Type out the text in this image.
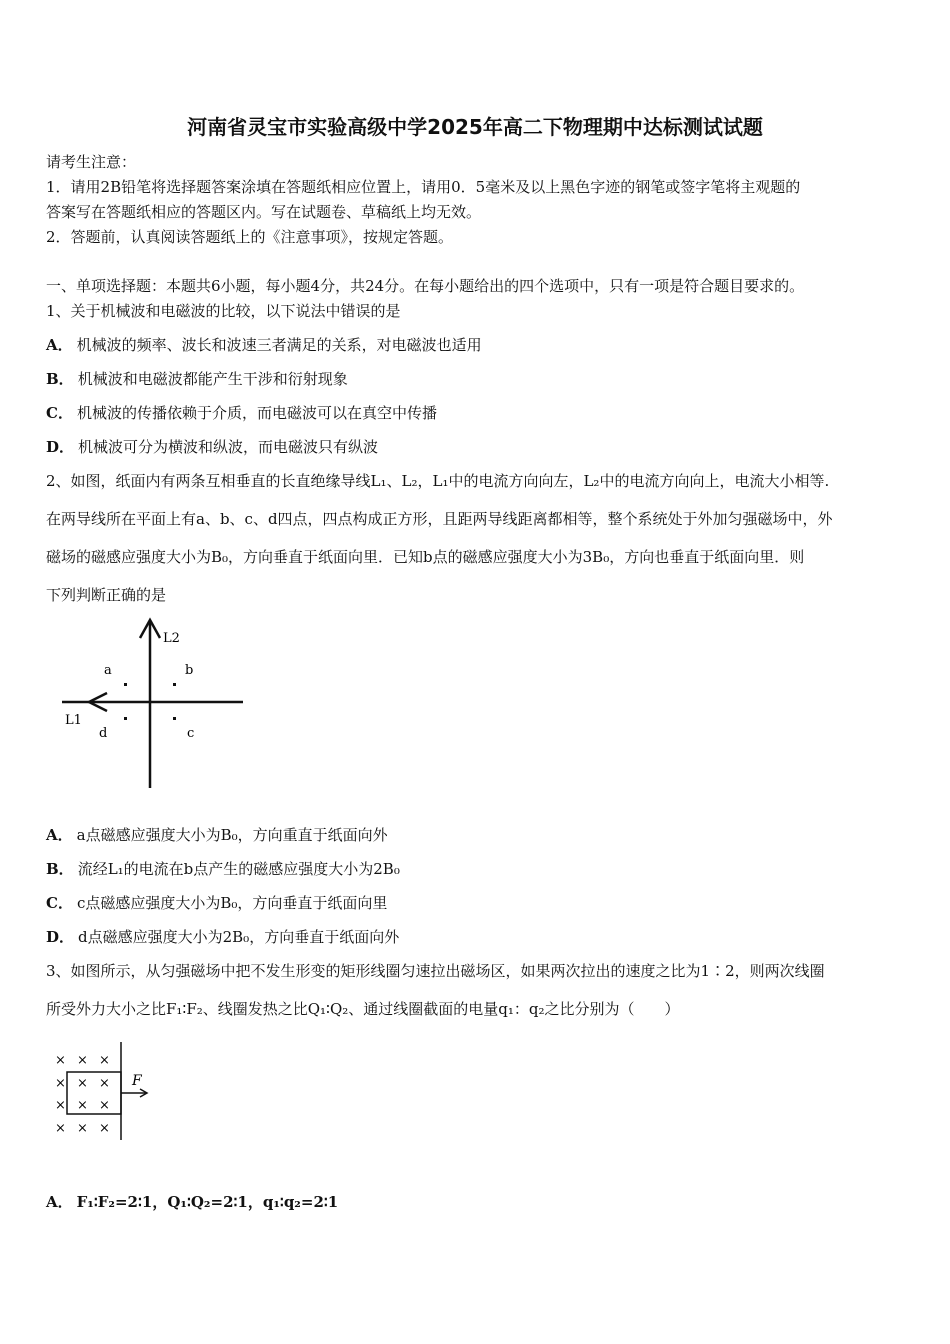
河南省灵宝市实验高级中学2025年高二下物理期中达标测试试题
请考生注意：
1．请用2B铅笔将选择题答案涂填在答题纸相应位置上，请用0．5毫米及以上黑色字迹的钢笔或签字笔将主观题的
答案写在答题纸相应的答题区内。写在试题卷、草稿纸上均无效。
2．答题前，认真阅读答题纸上的《注意事项》，按规定答题。
一、单项选择题：本题共6小题，每小题4分，共24分。在每小题给出的四个选项中，只有一项是符合题目要求的。
1、关于机械波和电磁波的比较，以下说法中错误的是
A． 机械波的频率、波长和波速三者满足的关系，对电磁波也适用
B． 机械波和电磁波都能产生干涉和衍射现象
C． 机械波的传播依赖于介质，而电磁波可以在真空中传播
D． 机械波可分为横波和纵波，而电磁波只有纵波
2、如图，纸面内有两条互相垂直的长直绝缘导线L₁、L₂，L₁中的电流方向向左，L₂中的电流方向向上，电流大小相等.
在两导线所在平面上有a、b、c、d四点，四点构成正方形，且距两导线距离都相等，整个系统处于外加匀强磁场中，外
磁场的磁感应强度大小为B₀，方向垂直于纸面向里．已知b点的磁感应强度大小为3B₀，方向也垂直于纸面向里．则
下列判断正确的是
L2
L1
a	b
c
d
A． a点磁感应强度大小为B₀，方向重直于纸面向外
B． 流经L₁的电流在b点产生的磁感应强度大小为2B₀
C． c点磁感应强度大小为B₀，方向垂直于纸面向里
D． d点磁感应强度大小为2B₀，方向垂直于纸面向外
3、如图所示，从匀强磁场中把不发生形变的矩形线圈匀速拉出磁场区，如果两次拉出的速度之比为1∶2，则两次线圈
所受外力大小之比F₁∶F₂、线圈发热之比Q₁∶Q₂、通过线圈截面的电量q₁：q₂之比分别为（　　）
F
× × ×
× × ×
× × ×
× × ×
A． F₁∶F₂=2∶1，Q₁∶Q₂=2∶1，q₁∶q₂=2∶1
